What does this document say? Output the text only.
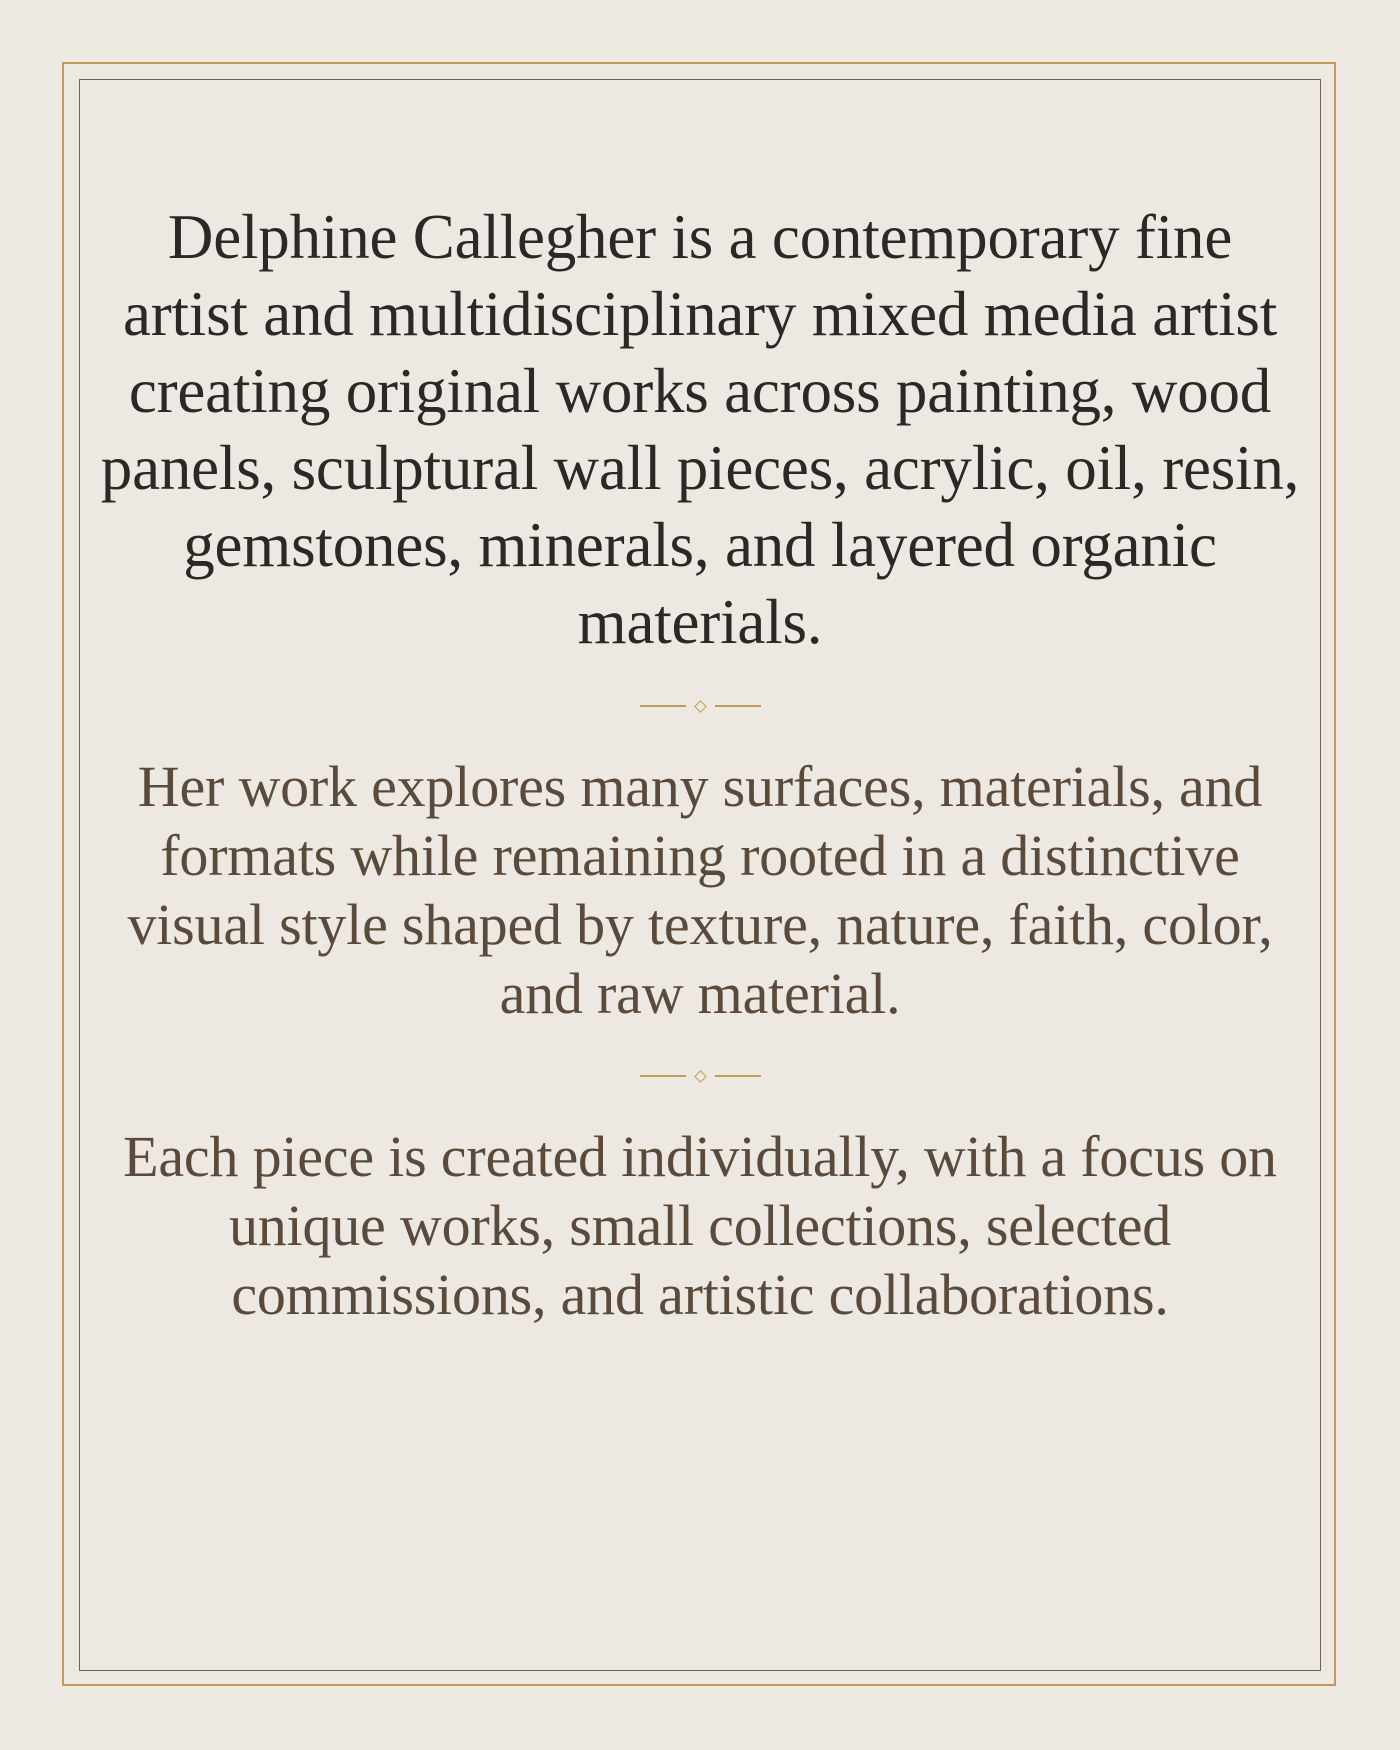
Delphine Callegher is a contemporary fine artist and multidisciplinary mixed media artist creating original works across painting, wood panels, sculptural wall pieces, acrylic, oil, resin, gemstones, minerals, and layered organic materials.

Her work explores many surfaces, materials, and formats while remaining rooted in a distinctive visual style shaped by texture, nature, faith, color, and raw material.

Each piece is created individually, with a focus on unique works, small collections, selected commissions, and artistic collaborations.
